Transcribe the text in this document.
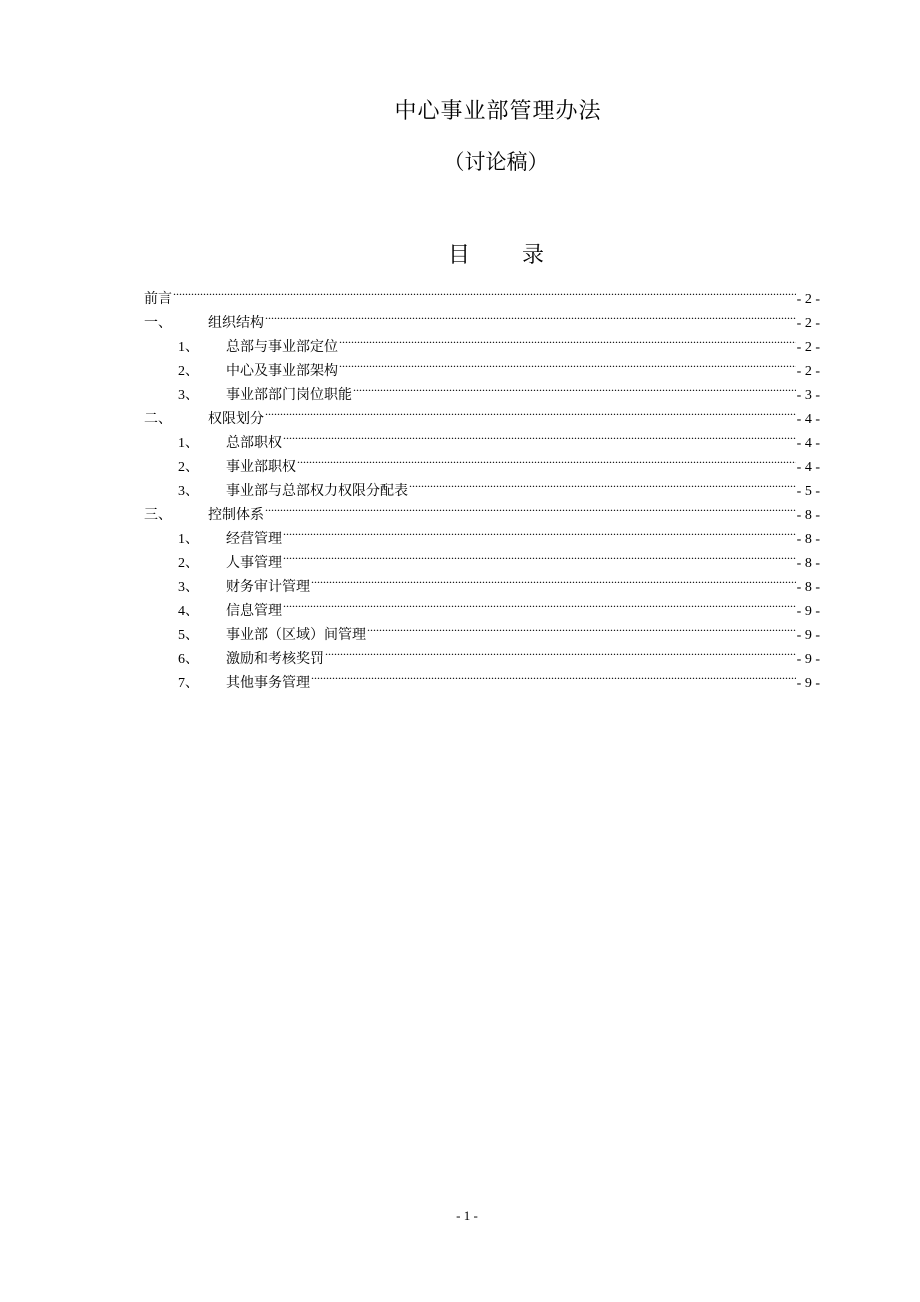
中心事业部管理办法
（讨论稿）
目 录
前言 .....	- 2 -
一、	组织结构 .....	- 2 -
1、	总部与事业部定位 .....	- 2 -
2、	中心及事业部架构 .....	- 2 -
3、	事业部部门岗位职能 .....	- 3 -
二、	权限划分 .....	- 4 -
1、	总部职权 .....	- 4 -
2、	事业部职权 .....	- 4 -
3、	事业部与总部权力权限分配表 .....	- 5 -
三、	控制体系 .....	- 8 -
1、	经营管理 .....	- 8 -
2、	人事管理 .....	- 8 -
3、	财务审计管理 .....	- 8 -
4、	信息管理 .....	- 9 -
5、	事业部（区域）间管理 .....	- 9 -
6、	激励和考核奖罚 .....	- 9 -
7、	其他事务管理 .....	- 9 -
- 1 -
